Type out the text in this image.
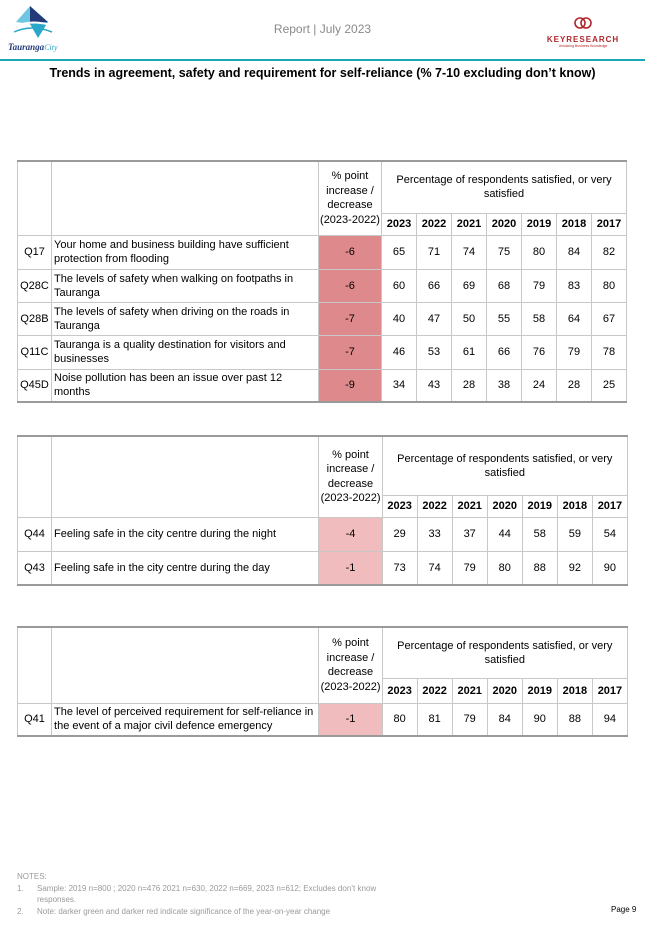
TaurangaCity
Report | July 2023
KEYRESEARCH
Unlocking Business Knowledge
Trends in agreement, safety and requirement for self-reliance (% 7-10 excluding don’t know)

		% point
increase /
decrease
(2023-2022)	Percentage of respondents satisfied, or very satisfied						
			2023	2022	2021	2020	2019	2018	2017
Q17	Your home and business building have sufficient protection from flooding	-6	65	71	74	75	80	84	82
Q28C	The levels of safety when walking on footpaths in Tauranga	-6	60	66	69	68	79	83	80
Q28B	The levels of safety when driving on the roads in Tauranga	-7	40	47	50	55	58	64	67
Q11C	Tauranga is a quality destination for visitors and businesses	-7	46	53	61	66	76	79	78
Q45D	Noise pollution has been an issue over past 12 months	-9	34	43	28	38	24	28	25

		% point
increase /
decrease
(2023-2022)	Percentage of respondents satisfied, or very satisfied						
			2023	2022	2021	2020	2019	2018	2017
Q44	Feeling safe in the city centre during the night	-4	29	33	37	44	58	59	54
Q43	Feeling safe in the city centre during the day	-1	73	74	79	80	88	92	90

		% point
increase /
decrease
(2023-2022)	Percentage of respondents satisfied, or very satisfied						
			2023	2022	2021	2020	2019	2018	2017
Q41	The level of perceived requirement for self-reliance in the event of a major civil defence emergency	-1	80	81	79	84	90	88	94
NOTES:
1. Sample: 2019 n=800 ; 2020 n=476 2021 n=630, 2022 n=669, 2023 n=612; Excludes don’t know
responses.
2. Note: darker green and darker red indicate significance of the year-on-year change	Page 9
